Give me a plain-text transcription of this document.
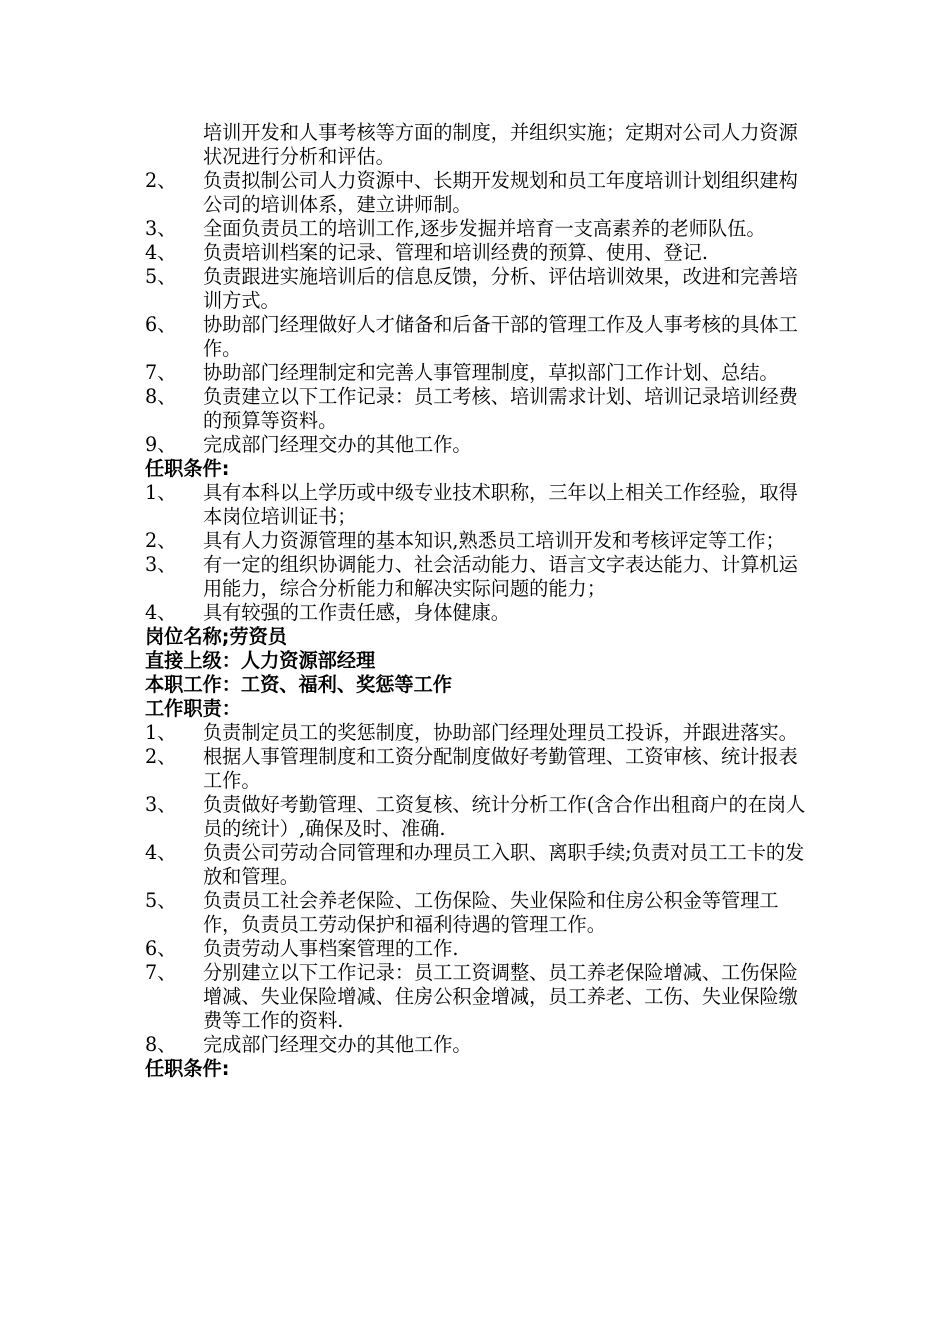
培训开发和人事考核等方面的制度，并组织实施；定期对公司人力资源状况进行分析和评估。
2、 负责拟制公司人力资源中、长期开发规划和员工年度培训计划组织建构公司的培训体系，建立讲师制。
3、 全面负责员工的培训工作,逐步发掘并培育一支高素养的老师队伍。
4、 负责培训档案的记录、管理和培训经费的预算、使用、登记.
5、 负责跟进实施培训后的信息反馈，分析、评估培训效果，改进和完善培训方式。
6、 协助部门经理做好人才储备和后备干部的管理工作及人事考核的具体工作。
7、 协助部门经理制定和完善人事管理制度，草拟部门工作计划、总结。
8、 负责建立以下工作记录：员工考核、培训需求计划、培训记录培训经费的预算等资料。
9、 完成部门经理交办的其他工作。
任职条件:
1、 具有本科以上学历或中级专业技术职称，三年以上相关工作经验，取得本岗位培训证书；
2、 具有人力资源管理的基本知识,熟悉员工培训开发和考核评定等工作；
3、 有一定的组织协调能力、社会活动能力、语言文字表达能力、计算机运用能力，综合分析能力和解决实际问题的能力；
4、 具有较强的工作责任感，身体健康。
岗位名称;劳资员
直接上级：人力资源部经理
本职工作：工资、福利、奖惩等工作
工作职责：
1、 负责制定员工的奖惩制度，协助部门经理处理员工投诉，并跟进落实。
2、 根据人事管理制度和工资分配制度做好考勤管理、工资审核、统计报表工作。
3、 负责做好考勤管理、工资复核、统计分析工作(含合作出租商户的在岗人员的统计）,确保及时、准确.
4、 负责公司劳动合同管理和办理员工入职、离职手续;负责对员工工卡的发放和管理。
5、 负责员工社会养老保险、工伤保险、失业保险和住房公积金等管理工作，负责员工劳动保护和福利待遇的管理工作。
6、 负责劳动人事档案管理的工作.
7、 分别建立以下工作记录：员工工资调整、员工养老保险增减、工伤保险增减、失业保险增减、住房公积金增减，员工养老、工伤、失业保险缴费等工作的资料.
8、 完成部门经理交办的其他工作。
任职条件:
